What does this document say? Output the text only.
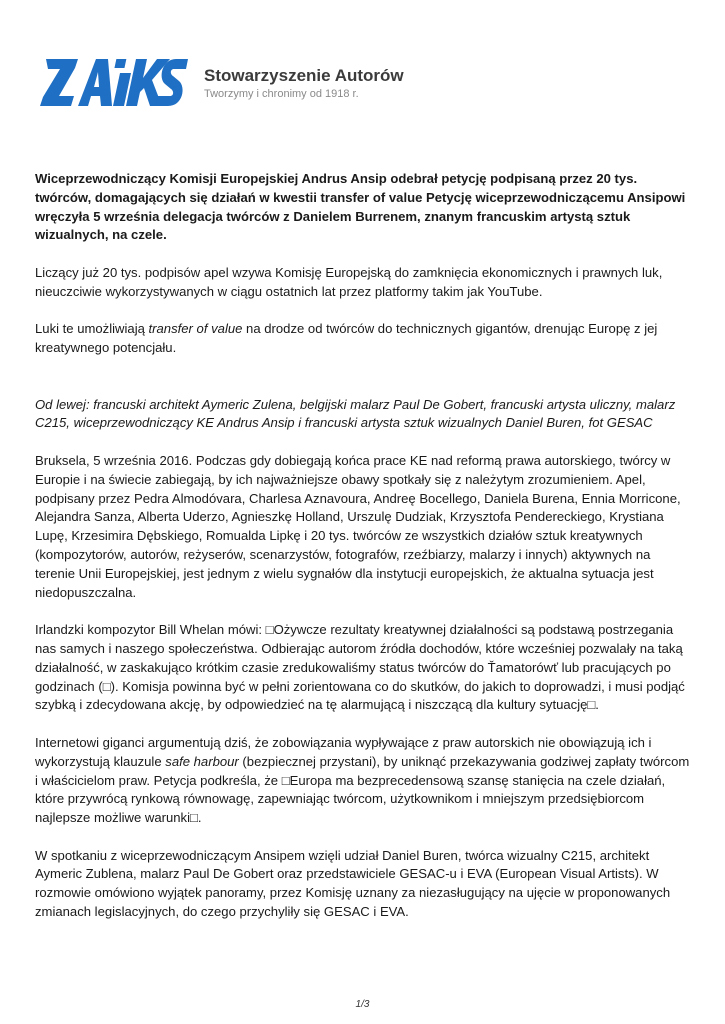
Stowarzyszenie Autorów
Tworzymy i chronimy od 1918 r.

Wiceprzewodniczący Komisji Europejskiej Andrus Ansip odebrał petycję podpisaną przez 20 tys. twórców, domagających się działań w kwestii transfer of value Petycję wiceprzewodniczącemu Ansipowi wręczyła 5 września delegacja twórców z Danielem Burrenem, znanym francuskim artystą sztuk wizualnych, na czele.

Liczący już 20 tys. podpisów apel wzywa Komisję Europejską do zamknięcia ekonomicznych i prawnych luk, nieuczciwie wykorzystywanych w ciągu ostatnich lat przez platformy takim jak YouTube.

Luki te umożliwiają transfer of value na drodze od twórców do technicznych gigantów, drenując Europę z jej kreatywnego potencjału.

Od lewej: francuski architekt Aymeric Zulena, belgijski malarz Paul De Gobert, francuski artysta uliczny, malarz C215, wiceprzewodniczący KE Andrus Ansip i francuski artysta sztuk wizualnych Daniel Buren, fot GESAC

Bruksela, 5 września 2016. Podczas gdy dobiegają końca prace KE nad reformą prawa autorskiego, twórcy w Europie i na świecie zabiegają, by ich najważniejsze obawy spotkały się z należytym zrozumieniem. Apel, podpisany przez Pedra Almodóvara, Charlesa Aznavoura, Andreę Bocellego, Daniela Burena, Ennia Morricone, Alejandra Sanza, Alberta Uderzo, Agnieszkę Holland, Urszulę Dudziak, Krzysztofa Pendereckiego, Krystiana Lupę, Krzesimira Dębskiego, Romualda Lipkę i 20 tys. twórców ze wszystkich działów sztuk kreatywnych (kompozytorów, autorów, reżyserów, scenarzystów, fotografów, rzeźbiarzy, malarzy i innych) aktywnych na terenie Unii Europejskiej, jest jednym z wielu sygnałów dla instytucji europejskich, że aktualna sytuacja jest niedopuszczalna.

Irlandzki kompozytor Bill Whelan mówi: □Ożywcze rezultaty kreatywnej działalności są podstawą postrzegania nas samych i naszego społeczeństwa. Odbierając autorom źródła dochodów, które wcześniej pozwalały na taką działalność, w zaskakująco krótkim czasie zredukowaliśmy status twórców do Ťamatorówť lub pracujących po godzinach (□). Komisja powinna być w pełni zorientowana co do skutków, do jakich to doprowadzi, i musi podjąć szybką i zdecydowana akcję, by odpowiedzieć na tę alarmującą i niszczącą dla kultury sytuację□.

Internetowi giganci argumentują dziś, że zobowiązania wypływające z praw autorskich nie obowiązują ich i wykorzystują klauzule safe harbour (bezpiecznej przystani), by uniknąć przekazywania godziwej zapłaty twórcom i właścicielom praw. Petycja podkreśla, że □Europa ma bezprecedensową szansę stanięcia na czele działań, które przywrócą rynkową równowagę, zapewniając twórcom, użytkownikom i mniejszym przedsiębiorcom najlepsze możliwe warunki□.

W spotkaniu z wiceprzewodniczącym Ansipem wzięli udział Daniel Buren, twórca wizualny C215, architekt Aymeric Zublena, malarz Paul De Gobert oraz przedstawiciele GESAC-u i EVA (European Visual Artists). W rozmowie omówiono wyjątek panoramy, przez Komisję uznany za niezasługujący na ujęcie w proponowanych zmianach legislacyjnych, do czego przychyliły się GESAC i EVA.

1/3
